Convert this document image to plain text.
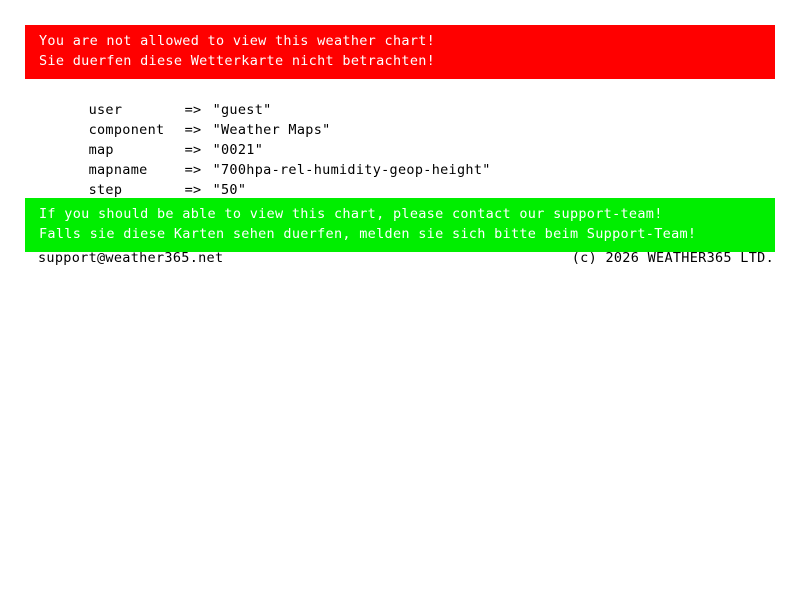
You are not allowed to view this weather chart!
Sie duerfen diese Wetterkarte nicht betrachten!

user	=> "guest"

component => "Weather Maps"

map	=> "0021"

mapname	=> "700hpa-rel-humidity-geop-height"

step	=> "50"

If you should be able to view this chart, please contact our support-team!
Falls sie diese Karten sehen duerfen, melden sie sich bitte beim Support-Team!
support@weather365.net	(c) 2026 WEATHER365 LTD.
